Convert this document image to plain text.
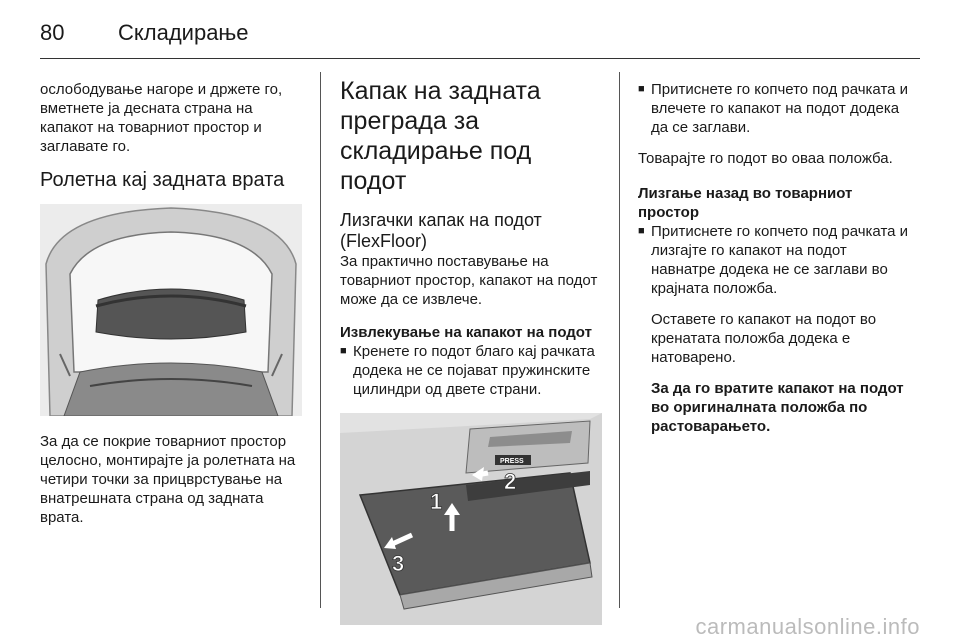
80 Складирање

ослободување нагоре и држете го, вметнете ја десната страна на капакот на товарниот простор и заглавате го.

Ролетна кај задната врата

За да се покрие товарниот простор целосно, монтирајте ја ролетната на четири точки за прицврстување на внатрешната страна од задната врата.

Капак на задната преграда за складирање под подот
Лизгачки капак на подот (FlexFloor)

За практично поставување на товарниот простор, капакот на подот може да се извлече.

Извлекување на капакот на подот

■ Кренете го подот благо кај рачката додека не се појават пружинските цилиндри од двете страни.
PRESS
2
1
3
■ Притиснете го копчето под рачката и влечете го капакот на подот додека да се заглави.

Товарајте го подот во оваа положба.

Лизгање назад во товарниот простор

■ Притиснете го копчето под рачката и лизгајте го капакот на подот навнатре додека не се заглави во крајната положба.

Оставете го капакот на подот во кренатата положба додека е натоварено.

За да го вратите капакот на подот во оригиналната положба по растоварањето.

carmanualsonline.info
